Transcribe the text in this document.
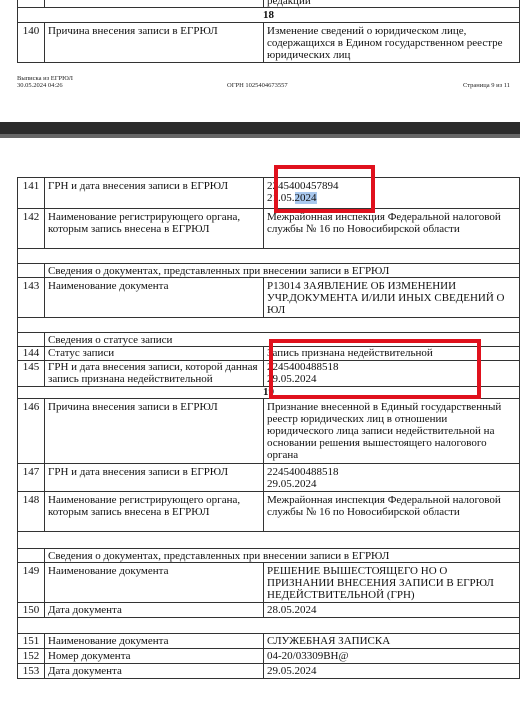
		редакции
18		
140	Причина внесения записи в ЕГРЮЛ	Изменение сведений о юридическом лице, содержащихся в Едином государственном реестре юридических лиц
Выписка из ЕГРЮЛ
30.05.2024 04:26	ОГРН 1025404673557	Страница 9 из 11
141	ГРН и дата внесения записи в ЕГРЮЛ	2245400457894
21.05.2024

142	Наименование регистрирующего органа, которым запись внесена в ЕГРЮЛ	Межрайонная инспекция Федеральной налоговой службы № 16 по Новосибирской области

	Сведения о документах, представленных при внесении записи в ЕГРЮЛ	
143	Наименование документа	Р13014 ЗАЯВЛЕНИЕ ОБ ИЗМЕНЕНИИ УЧР.ДОКУМЕНТА И/ИЛИ ИНЫХ СВЕДЕНИЙ О ЮЛ

	Сведения о статусе записи	
144	Статус записи	Запись признана недействительной
145	ГРН и дата внесения записи, которой данная запись признана недействительной	2245400488518
29.05.2024

19		
146	Причина внесения записи в ЕГРЮЛ	Признание внесенной в Единый государственный реестр юридических лиц в отношении юридического лица записи недействительной на основании решения вышестоящего налогового органа
147	ГРН и дата внесения записи в ЕГРЮЛ	2245400488518
29.05.2024

148	Наименование регистрирующего органа, которым запись внесена в ЕГРЮЛ	Межрайонная инспекция Федеральной налоговой службы № 16 по Новосибирской области

	Сведения о документах, представленных при внесении записи в ЕГРЮЛ	
149	Наименование документа	РЕШЕНИЕ ВЫШЕСТОЯЩЕГО НО О ПРИЗНАНИИ ВНЕСЕНИЯ ЗАПИСИ В ЕГРЮЛ НЕДЕЙСТВИТЕЛЬНОЙ (ГРН)
150	Дата документа	28.05.2024

151	Наименование документа	СЛУЖЕБНАЯ ЗАПИСКА
152	Номер документа	04-20/03309ВН@
153	Дата документа	29.05.2024
